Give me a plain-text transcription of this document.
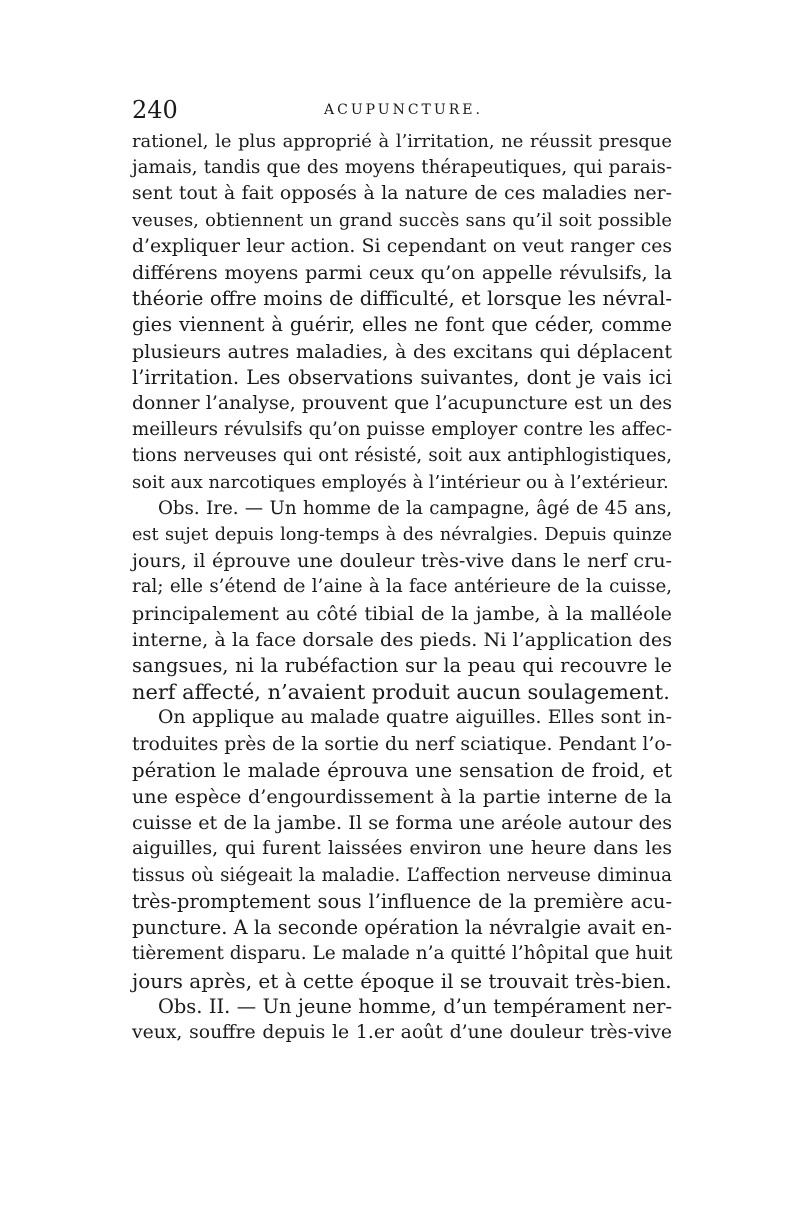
240	ACUPUNCTURE.
rationel, le plus approprié à l’irritation, ne réussit presque
jamais, tandis que des moyens thérapeutiques, qui parais-
sent tout à fait opposés à la nature de ces maladies ner-
veuses, obtiennent un grand succès sans qu’il soit possible
d’expliquer leur action. Si cependant on veut ranger ces
différens moyens parmi ceux qu’on appelle révulsifs, la
théorie offre moins de difficulté, et lorsque les névral-
gies viennent à guérir, elles ne font que céder, comme
plusieurs autres maladies, à des excitans qui déplacent
l’irritation. Les observations suivantes, dont je vais ici
donner l’analyse, prouvent que l’acupuncture est un des
meilleurs révulsifs qu’on puisse employer contre les affec-
tions nerveuses qui ont résisté, soit aux antiphlogistiques,
soit aux narcotiques employés à l’intérieur ou à l’extérieur.
Obs. Ire. — Un homme de la campagne, âgé de 45 ans,
est sujet depuis long-temps à des névralgies. Depuis quinze
jours, il éprouve une douleur très-vive dans le nerf cru-
ral; elle s’étend de l’aine à la face antérieure de la cuisse,
principalement au côté tibial de la jambe, à la malléole
interne, à la face dorsale des pieds. Ni l’application des
sangsues, ni la rubéfaction sur la peau qui recouvre le
nerf affecté, n’avaient produit aucun soulagement.
On applique au malade quatre aiguilles. Elles sont in-
troduites près de la sortie du nerf sciatique. Pendant l’o-
pération le malade éprouva une sensation de froid, et
une espèce d’engourdissement à la partie interne de la
cuisse et de la jambe. Il se forma une aréole autour des
aiguilles, qui furent laissées environ une heure dans les
tissus où siégeait la maladie. L’affection nerveuse diminua
très-promptement sous l’influence de la première acu-
puncture. A la seconde opération la névralgie avait en-
tièrement disparu. Le malade n’a quitté l’hôpital que huit
jours après, et à cette époque il se trouvait très-bien.
Obs. II. — Un jeune homme, d’un tempérament ner-
veux, souffre depuis le 1.er août d’une douleur très-vive
